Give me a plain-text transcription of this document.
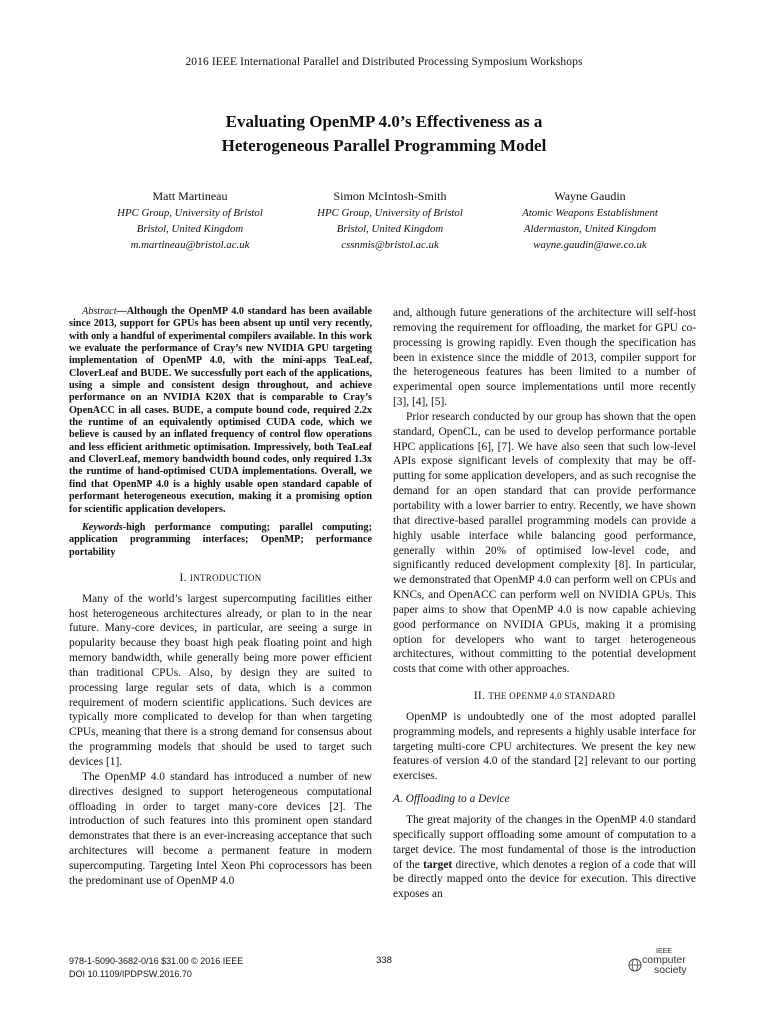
2016 IEEE International Parallel and Distributed Processing Symposium Workshops
Evaluating OpenMP 4.0’s Effectiveness as a
Heterogeneous Parallel Programming Model
Matt Martineau
HPC Group, University of Bristol
Bristol, United Kingdom
m.martineau@bristol.ac.uk
Simon McIntosh-Smith
HPC Group, University of Bristol
Bristol, United Kingdom
cssnmis@bristol.ac.uk
Wayne Gaudin
Atomic Weapons Establishment
Aldermaston, United Kingdom
wayne.gaudin@awe.co.uk

Abstract—Although the OpenMP 4.0 standard has been available since 2013, support for GPUs has been absent up until very recently, with only a handful of experimental compilers available. In this work we evaluate the performance of Cray’s new NVIDIA GPU targeting implementation of OpenMP 4.0, with the mini-apps TeaLeaf, CloverLeaf and BUDE. We successfully port each of the applications, using a simple and consistent design throughout, and achieve performance on an NVIDIA K20X that is comparable to Cray’s OpenACC in all cases. BUDE, a compute bound code, required 2.2x the runtime of an equivalently optimised CUDA code, which we believe is caused by an inflated frequency of control flow operations and less efficient arithmetic optimisation. Impressively, both TeaLeaf and CloverLeaf, memory bandwidth bound codes, only required 1.3x the runtime of hand-optimised CUDA implementations. Overall, we find that OpenMP 4.0 is a highly usable open standard capable of performant heterogeneous execution, making it a promising option for scientific application developers.

Keywords-high performance computing; parallel computing; application programming interfaces; OpenMP; performance portability

I. INTRODUCTION

Many of the world’s largest supercomputing facilities either host heterogeneous architectures already, or plan to in the near future. Many-core devices, in particular, are seeing a surge in popularity because they boast high peak floating point and high memory bandwidth, while generally being more power efficient than traditional CPUs. Also, by design they are suited to processing large regular sets of data, which is a common requirement of modern scientific applications. Such devices are typically more complicated to develop for than when targeting CPUs, meaning that there is a strong demand for consensus about the programming models that should be used to target such devices [1].

The OpenMP 4.0 standard has introduced a number of new directives designed to support heterogeneous computational offloading in order to target many-core devices [2]. The introduction of such features into this prominent open standard demonstrates that there is an ever-increasing acceptance that such architectures will become a permanent feature in modern supercomputing. Targeting Intel Xeon Phi coprocessors has been the predominant use of OpenMP 4.0

and, although future generations of the architecture will self-host removing the requirement for offloading, the market for GPU co-processing is growing rapidly. Even though the specification has been in existence since the middle of 2013, compiler support for the heterogeneous features has been limited to a number of experimental open source implementations until more recently [3], [4], [5].

Prior research conducted by our group has shown that the open standard, OpenCL, can be used to develop performance portable HPC applications [6], [7]. We have also seen that such low-level APIs expose significant levels of complexity that may be off-putting for some application developers, and as such recognise the demand for an open standard that can provide performance portability with a lower barrier to entry. Recently, we have shown that directive-based parallel programming models can provide a highly usable interface while balancing good performance, generally within 20% of optimised low-level code, and significantly reduced development complexity [8]. In particular, we demonstrated that OpenMP 4.0 can perform well on CPUs and KNCs, and OpenACC can perform well on NVIDIA GPUs. This paper aims to show that OpenMP 4.0 is now capable achieving good performance on NVIDIA GPUs, making it a promising option for developers who want to target heterogeneous architectures, without committing to the potential development costs that come with other approaches.

II. THE OPENMP 4.0 STANDARD

OpenMP is undoubtedly one of the most adopted parallel programming models, and represents a highly usable interface for targeting multi-core CPU architectures. We present the key new features of version 4.0 of the standard [2] relevant to our porting exercises.

A. Offloading to a Device

The great majority of the changes in the OpenMP 4.0 standard specifically support offloading some amount of computation to a target device. The most fundamental of those is the introduction of the target directive, which denotes a region of a code that will be directly mapped onto the device for execution. This directive exposes an

978-1-5090-3682-0/16 $31.00 © 2016 IEEE
DOI 10.1109/IPDPSW.2016.70
338
IEEE
computer
society
